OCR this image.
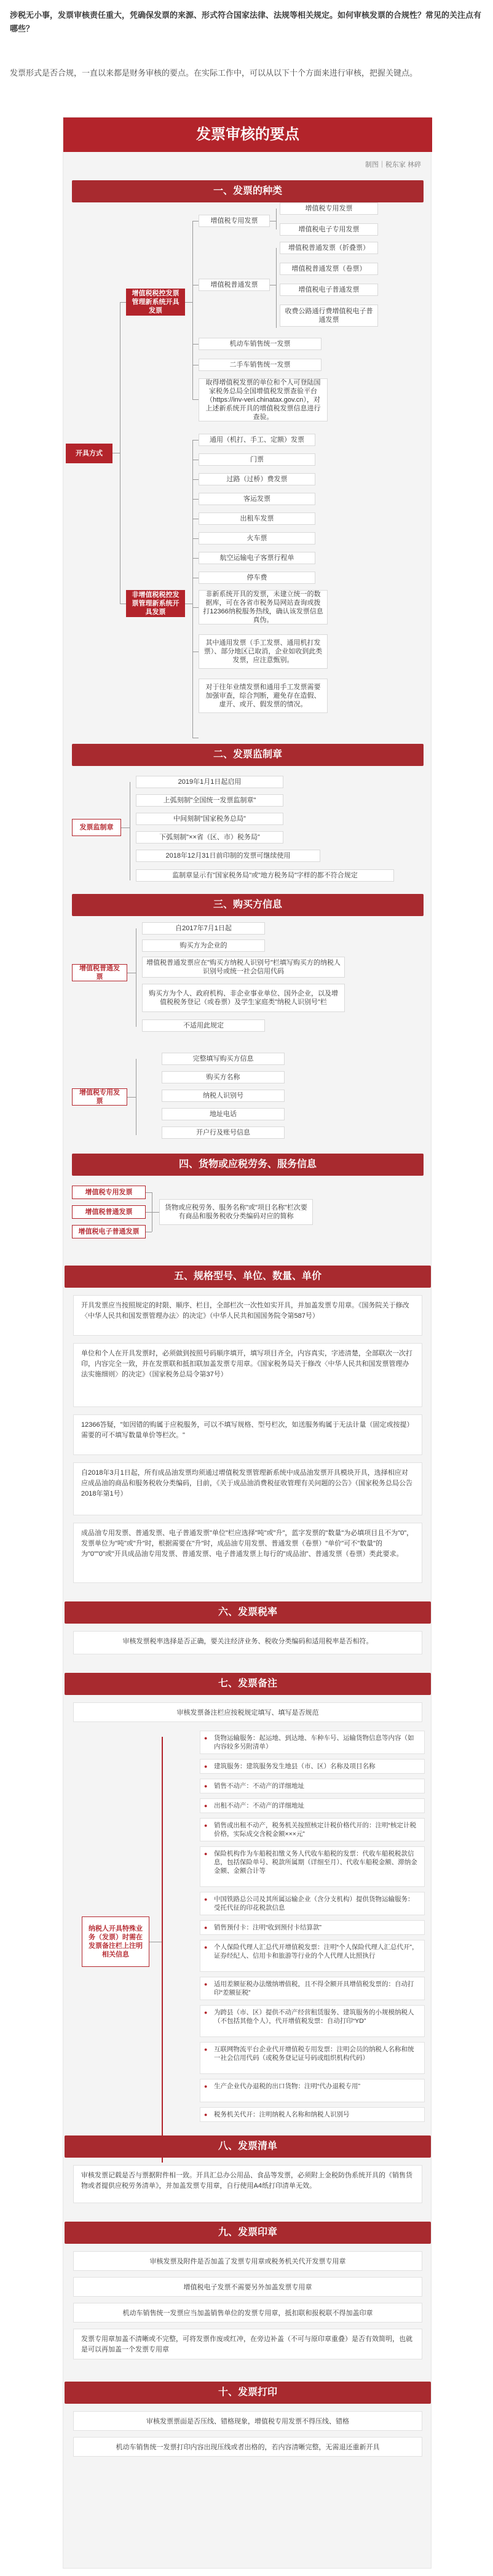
涉税无小事，发票审核责任重大，凭确保发票的来源、形式符合国家法律、法规等相关规定。如何审核发票的合规性？常见的关注点有哪些？
发票形式是否合规，一直以来都是财务审核的要点。在实际工作中，可以从以下十个方面来进行审核，把握关键点。
发票审核的要点
制图｜税东家 林碎
一、发票的种类
开具方式
增值税税控发票管理新系统开具发票
非增值税税控发票管理新系统开具发票
增值税专用发票
增值税专用发票
增值税电子专用发票
增值税普通发票
增值税普通发票（折叠票）
增值税普通发票（卷票）
增值税电子普通发票
收费公路通行费增值税电子普通发票
机动车销售统一发票
二手车销售统一发票
取得增值税发票的单位和个人可登陆国家税务总局全国增值税发票查验平台（https://inv-veri.chinatax.gov.cn），对上述新系统开具的增值税发票信息进行查验。
通用（机打、手工、定额）发票
门票
过路（过桥）费发票
客运发票
出租车发票
火车票
航空运输电子客票行程单
停车费
非新系统开具的发票，未建立统一的数据库，可在各省市税务局网站查询或拨打12366纳税服务热线，确认该发票信息真伪。
其中通用发票（手工发票、通用机打发票）、部分地区已取消，企业如收到此类发票，应注意甄别。
对于往年业绩发票和通用手工发票需要加强审查，综合判断，避免存在造假、虚开、或开、假发票的情况。
二、发票监制章
发票监制章
2019年1月1日起启用
上弧刻制"全国统一发票监制章"
中间刻制"国家税务总局"
下弧刻制"××省（区、市）税务局"
2018年12月31日前印制的发票可继续使用
监制章显示有"国家税务局"或"地方税务局"字样的都不符合规定
三、购买方信息
增值税普通发票
自2017年7月1日起
购买方为企业的
增值税普通发票应在"购买方纳税人识别号"栏填写购买方的纳税人识别号或统一社会信用代码
购买方为个人、政府机构、非企业事业单位、国外企业，以及增值税税务登记（或卷票）及学生家庭类"纳税人识别号"栏
不适用此规定
增值税专用发票
完整填写购买方信息
购买方名称
纳税人识别号
地址电话
开户行及账号信息
四、货物或应税劳务、服务信息
增值税专用发票
增值税普通发票
增值税电子普通发票
货物或应税劳务、服务名称"或"项目名称"栏次要有商品和服务税收分类编码对应的简称
五、规格型号、单位、数量、单价
开具发票应当按照规定的时限、顺序、栏目，全部栏次一次性如实开具，并加盖发票专用章。《国务院关于修改〈中华人民共和国发票管理办法〉的决定》（中华人民共和国国务院令第587号）
单位和个人在开具发票时，必须做到按照号码顺序填开，填写项目齐全，内容真实，字迹清楚，全部联次一次打印，内容完全一致，并在发票联和抵扣联加盖发票专用章。《国家税务局关于修改〈中华人民共和国发票管理办法实施细则〉的决定》（国家税务总局令第37号）
12366答疑，"如因错的购属于应税服务，可以不填写规格、型号栏次，如送服务购属于无法计量（固定或按提）需要的可不填写数量单价等栏次。"
自2018年3月1日起，所有成品油发票均须通过增值税发票管理新系统中成品油发票开具模块开具，选择相应对应成品油的商品和服务税收分类编码，目前，《关于成品油消费税征收管理有关问题的公告》（国家税务总局公告2018年第1号）
成品油专用发票、普通发票、电子普通发票"单位"栏应选择"吨"或"升"，蓝字发票的"数量"为必填项目且不为"0"，发票单位为"吨"或"升"时，根据需要在"升"时，成品油专用发票、普通发票（卷票）"单价"可不"数量"的为"0""0"或"开具成品油专用发票、普通发票、电子普通发票上每行的"成品油"、普通发票（卷票）类此要求。
六、发票税率
审核发票税率选择是否正确，要关注经济业务、税收分类编码和适用税率是否相符。
七、发票备注
审核发票备注栏应按税规定填写、填写是否规范
纳税人开具特殊业务（发票）时需在发票备注栏上注明相关信息
● 货物运输服务：起运地、到达地、车种车号、运输货物信息等内容（如内容较多另附清单）
● 建筑服务：建筑服务发生地县（市、区）名称及项目名称
● 销售不动产：不动产的详细地址
● 出租不动产：不动产的详细地址
● 销售或出租不动产，税务机关按照核定计税价格代开的：注明“核定计税价格，实际成交含税金额×××元”
● 保险机构作为车船税扣缴义务人代收车船税的发票：代收车船税税款信息，包括保险单号、税款所属期（详细至月）、代收车船税金额、滞纳金金额、金额合计等
● 中国铁路总公司及其所属运输企业（含分支机构）提供货物运输服务：受托代征的印花税款信息
● 销售预付卡：注明“收到预付卡结算款”
● 个人保险代理人汇总代开增值税发票：注明“个人保险代理人汇总代开”，证券经纪人、信用卡和旅游等行业的个人代理人比照执行
● 适用差额征税办法缴纳增值税，且不得全额开具增值税发票的：自动打印“差额征税”
● 为跨县（市、区）提供不动产经营租赁服务、建筑服务的小规模纳税人（不包括其他个人），代开增值税发票：自动打印“YD”
● 互联网物流平台企业代开增值税专用发票：注明会员的纳税人名称和统一社会信用代码（或税务登记证号码或组织机构代码）
● 生产企业代办退税的出口货物：注明“代办退税专用”
● 税务机关代开：注明纳税人名称和纳税人识别号
八、发票清单
审核发票记载是否与票据附件相一致。开具汇总办公用品、食品等发票，必须附上金税防伪系统开具的《销售货物或者提供应税劳务清单》，并加盖发票专用章，自行使用A4纸打印清单无效。
九、发票印章
审核发票及附件是否加盖了发票专用章或税务机关代开发票专用章
增值税电子发票不需要另外加盖发票专用章
机动车销售统一发票应当加盖销售单位的发票专用章，抵扣联和报税联不得加盖印章
发票专用章加盖不清晰或不完整，可将发票作废或红冲，在旁边补盖（不可与原印章重叠）是否有效简明，也就是可以再加盖一个发票专用章
十、发票打印
审核发票票面是否压线、错格现象，增值税专用发票不得压线、错格
机动车销售统一发票打印内容出现压线或者出格的，若内容清晰完整，无需退还重新开具
